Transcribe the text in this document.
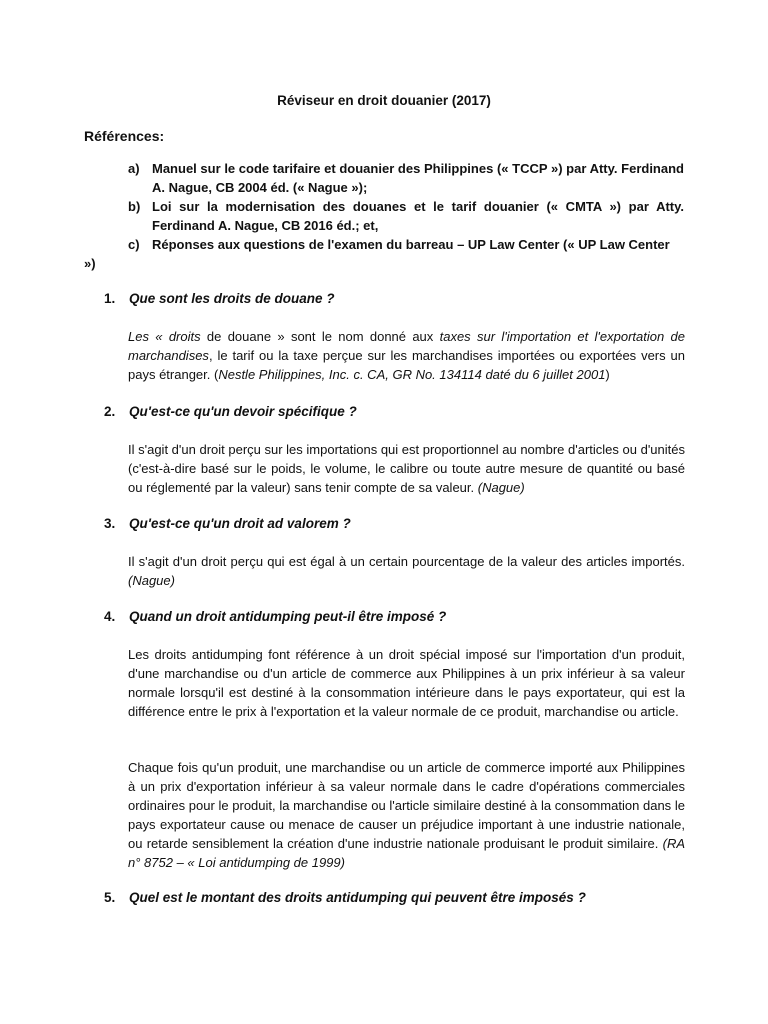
Réviseur en droit douanier (2017)
Références:
a) Manuel sur le code tarifaire et douanier des Philippines (« TCCP ») par Atty. Ferdinand A. Nague, CB 2004 éd. (« Nague »);
b) Loi sur la modernisation des douanes et le tarif douanier (« CMTA ») par Atty. Ferdinand A. Nague, CB 2016 éd.; et,
c) Réponses aux questions de l'examen du barreau – UP Law Center (« UP Law Center
»)
1.	Que sont les droits de douane ?
Les « droits de douane » sont le nom donné aux taxes sur l'importation et l'exportation de marchandises, le tarif ou la taxe perçue sur les marchandises importées ou exportées vers un pays étranger. (Nestle Philippines, Inc. c. CA, GR No. 134114 daté du 6 juillet 2001)
2.	Qu'est-ce qu'un devoir spécifique ?
Il s'agit d'un droit perçu sur les importations qui est proportionnel au nombre d'articles ou d'unités (c'est-à-dire basé sur le poids, le volume, le calibre ou toute autre mesure de quantité ou basé ou réglementé par la valeur) sans tenir compte de sa valeur. (Nague)
3.	Qu'est-ce qu'un droit ad valorem ?
Il s'agit d'un droit perçu qui est égal à un certain pourcentage de la valeur des articles importés. (Nague)
4.	Quand un droit antidumping peut-il être imposé ?
Les droits antidumping font référence à un droit spécial imposé sur l'importation d'un produit, d'une marchandise ou d'un article de commerce aux Philippines à un prix inférieur à sa valeur normale lorsqu'il est destiné à la consommation intérieure dans le pays exportateur, qui est la différence entre le prix à l'exportation et la valeur normale de ce produit, marchandise ou article.
Chaque fois qu'un produit, une marchandise ou un article de commerce importé aux Philippines à un prix d'exportation inférieur à sa valeur normale dans le cadre d'opérations commerciales ordinaires pour le produit, la marchandise ou l'article similaire destiné à la consommation dans le pays exportateur cause ou menace de causer un préjudice important à une industrie nationale, ou retarde sensiblement la création d'une industrie nationale produisant le produit similaire. (RA n° 8752 – « Loi antidumping de 1999)
5.	Quel est le montant des droits antidumping qui peuvent être imposés ?
